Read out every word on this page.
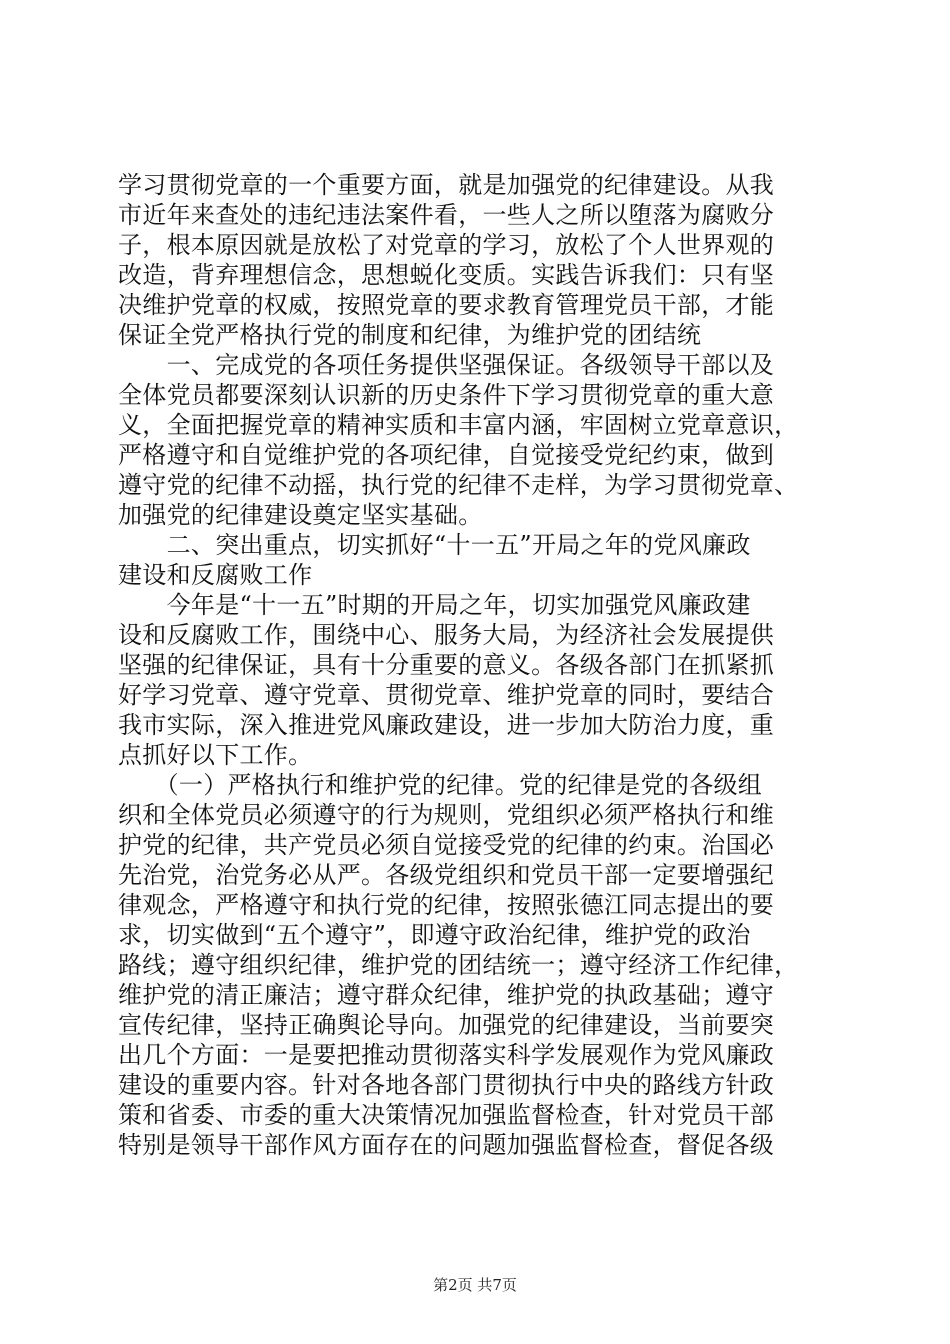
学习贯彻党章的一个重要方面，就是加强党的纪律建设。从我
市近年来查处的违纪违法案件看，一些人之所以堕落为腐败分
子，根本原因就是放松了对党章的学习，放松了个人世界观的
改造，背弃理想信念，思想蜕化变质。实践告诉我们：只有坚
决维护党章的权威，按照党章的要求教育管理党员干部，才能
保证全党严格执行党的制度和纪律，为维护党的团结统
　　一、完成党的各项任务提供坚强保证。各级领导干部以及
全体党员都要深刻认识新的历史条件下学习贯彻党章的重大意
义，全面把握党章的精神实质和丰富内涵，牢固树立党章意识，
严格遵守和自觉维护党的各项纪律，自觉接受党纪约束，做到
遵守党的纪律不动摇，执行党的纪律不走样，为学习贯彻党章、
加强党的纪律建设奠定坚实基础。
　　二、突出重点，切实抓好“十一五”开局之年的党风廉政
建设和反腐败工作
　　今年是“十一五”时期的开局之年，切实加强党风廉政建
设和反腐败工作，围绕中心、服务大局，为经济社会发展提供
坚强的纪律保证，具有十分重要的意义。各级各部门在抓紧抓
好学习党章、遵守党章、贯彻党章、维护党章的同时，要结合
我市实际，深入推进党风廉政建设，进一步加大防治力度，重
点抓好以下工作。
　　（一）严格执行和维护党的纪律。党的纪律是党的各级组
织和全体党员必须遵守的行为规则，党组织必须严格执行和维
护党的纪律，共产党员必须自觉接受党的纪律的约束。治国必
先治党，治党务必从严。各级党组织和党员干部一定要增强纪
律观念，严格遵守和执行党的纪律，按照张德江同志提出的要
求，切实做到“五个遵守”，即遵守政治纪律，维护党的政治
路线；遵守组织纪律，维护党的团结统一；遵守经济工作纪律，
维护党的清正廉洁；遵守群众纪律，维护党的执政基础；遵守
宣传纪律，坚持正确舆论导向。加强党的纪律建设，当前要突
出几个方面：一是要把推动贯彻落实科学发展观作为党风廉政
建设的重要内容。针对各地各部门贯彻执行中央的路线方针政
策和省委、市委的重大决策情况加强监督检查，针对党员干部
特别是领导干部作风方面存在的问题加强监督检查，督促各级
第2页 共7页
